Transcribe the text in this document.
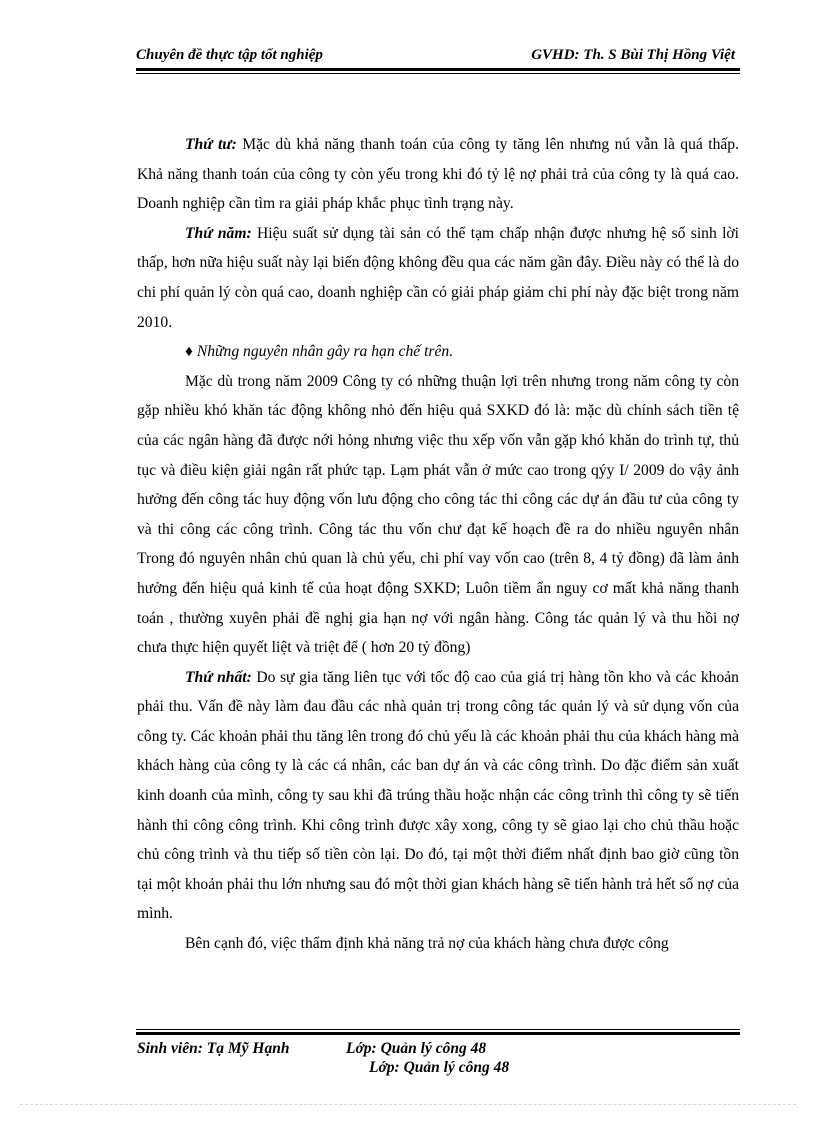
Chuyên đề thực tập tốt nghiệp	GVHD: Th. S Bùi Thị Hồng Việt

Thứ tư: Mặc dù khả năng thanh toán của công ty tăng lên nhưng nú vẫn là quá thấp. Khả năng thanh toán của công ty còn yếu trong khi đó tỷ lệ nợ phải trả của công ty là quá cao. Doanh nghiệp cần tìm ra giải pháp khắc phục tình trạng này.

Thứ năm: Hiệu suất sử dụng tài sản có thể tạm chấp nhận được nhưng hệ số sinh lời thấp, hơn nữa hiệu suất này lại biến động không đều qua các năm gần đây. Điều này có thể là do chi phí quản lý còn quá cao, doanh nghiệp cần có giải pháp giảm chi phí này đặc biệt trong năm 2010.

♦ Những nguyên nhân gây ra hạn chế trên.

Mặc dù trong năm 2009 Công ty có những thuận lợi trên nhưng trong năm công ty còn gặp nhiều khó khăn tác động không nhỏ đến hiệu quả SXKD đó là: mặc dù chính sách tiền tệ của các ngân hàng đã được nới hỏng nhưng việc thu xếp vốn vẫn gặp khó khăn do trình tự, thủ tục và điều kiện giải ngân rất phức tạp. Lạm phát vẫn ở mức cao trong qýy I/ 2009 do vậy ảnh hưởng đến công tác huy động vốn lưu động cho công tác thi công các dự án đầu tư của công ty và thi công các công trình. Công tác thu vốn chư đạt kế hoạch đề ra do nhiều nguyên nhân Trong đó nguyên nhân chủ quan là chủ yếu, chi phí vay vốn cao (trên 8, 4 tỷ đồng) đã làm ảnh hưởng đến hiệu quả kinh tế của hoạt động SXKD; Luôn tiềm ẩn nguy cơ mất khả năng thanh toán , thường xuyên phải đề nghị gia hạn nợ với ngân hàng. Công tác quản lý và thu hồi nợ chưa thực hiện quyết liệt và triệt để ( hơn 20 tỷ đồng)

Thứ nhất: Do sự gia tăng liên tục với tốc độ cao của giá trị hàng tồn kho và các khoản phải thu. Vấn đề này làm đau đầu các nhà quản trị trong công tác quản lý và sử dụng vốn của công ty. Các khoản phải thu tăng lên trong đó chủ yếu là các khoản phải thu của khách hàng mà khách hàng của công ty là các cá nhân, các ban dự án và các công trình. Do đặc điểm sản xuất kinh doanh của mình, công ty sau khi đã trúng thầu hoặc nhận các công trình thì công ty sẽ tiến hành thi công công trình. Khi công trình được xây xong, công ty sẽ giao lại cho chủ thầu hoặc chủ công trình và thu tiếp số tiền còn lại. Do đó, tại một thời điểm nhất định bao giờ cũng tồn tại một khoản phải thu lớn nhưng sau đó một thời gian khách hàng sẽ tiến hành trả hết số nợ của mình.

Bên cạnh đó, việc thẩm định khả năng trả nợ của khách hàng chưa được công

Sinh viên: Tạ Mỹ Hạnh	Lớp: Quản lý công 48
Lớp: Quản lý công 48
